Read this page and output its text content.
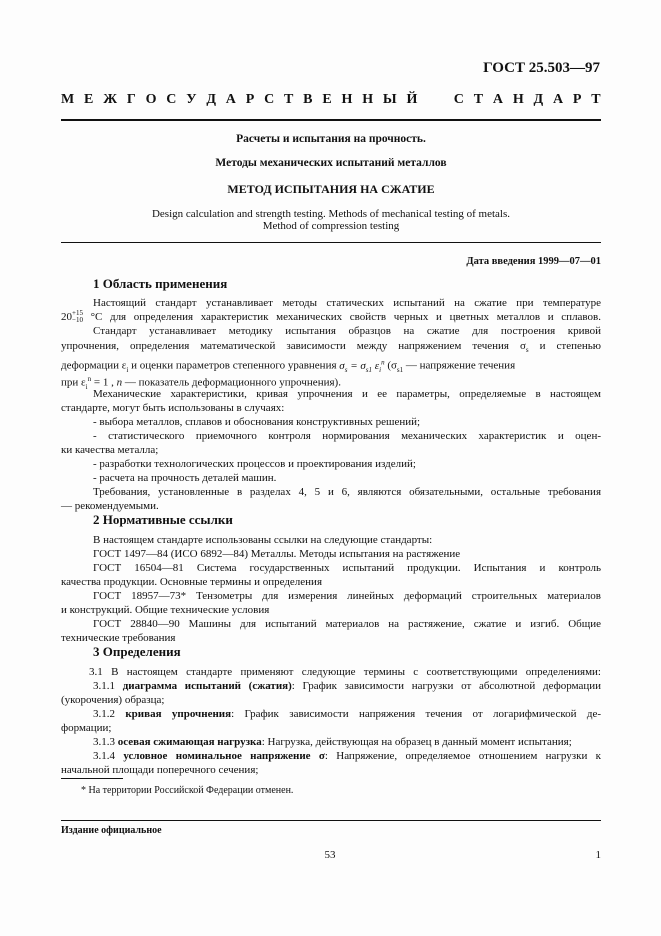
ГОСТ 25.503—97
М Е Ж Г О С У Д А Р С Т В Е Н Н Ы Й

	С Т А Н Д А Р Т
Расчеты и испытания на прочность.
Методы механических испытаний металлов
МЕТОД ИСПЫТАНИЯ НА СЖАТИЕ
Design calculation and strength testing. Methods of mechanical testing of metals.
Method of compression testing
Дата введения 1999—07—01
1 Область применения
Настоящий стандарт устанавливает методы статических испытаний на сжатие при температуре
20 +15
−10 °С для определения характеристик механических свойств черных и цветных металлов и сплавов.
Стандарт устанавливает методику испытания образцов на сжатие для построения кривой
упрочнения, определения математической зависимости между напряжением течения $\sigma_s$ и степенью
деформации $\varepsilon_i$ и оценки параметров степенного уравнения $\sigma_s = \sigma_{s1}$ $\varepsilon_i^n$ ($\sigma_{s1}$ — напряжение течения
при $\varepsilon_i^n = 1$ , n — показатель деформационного упрочнения).
Механические характеристики, кривая упрочнения и ее параметры, определяемые в настоящем
стандарте, могут быть использованы в случаях:
- выбора металлов, сплавов и обоснования конструктивных решений;
- статистического приемочного контроля нормирования механических характеристик и оцен-
ки качества металла;
- разработки технологических процессов и проектирования изделий;
- расчета на прочность деталей машин.
Требования, установленные в разделах 4, 5 и 6, являются обязательными, остальные требования
— рекомендуемыми.
2 Нормативные ссылки
В настоящем стандарте использованы ссылки на следующие стандарты:
ГОСТ 1497—84 (ИСО 6892—84) Металлы. Методы испытания на растяжение
ГОСТ 16504—81 Система государственных испытаний продукции. Испытания и контроль
качества продукции. Основные термины и определения
ГОСТ 18957—73* Тензометры для измерения линейных деформаций строительных материалов
и конструкций. Общие технические условия
ГОСТ 28840—90 Машины для испытаний материалов на растяжение, сжатие и изгиб. Общие
технические требования
3 Определения
3.1 В настоящем стандарте применяют следующие термины с соответствующими определениями:
3.1.1 диаграмма испытаний (сжатия): График зависимости нагрузки от абсолютной деформации
(укорочения) образца;
3.1.2 кривая упрочнения: График зависимости напряжения течения от логарифмической де-
формации;
3.1.3 осевая сжимающая нагрузка: Нагрузка, действующая на образец в данный момент испытания;
3.1.4 условное номинальное напряжение σ: Напряжение, определяемое отношением нагрузки к
начальной площади поперечного сечения;
* На территории Российской Федерации отменен.
Издание официальное
53	1
